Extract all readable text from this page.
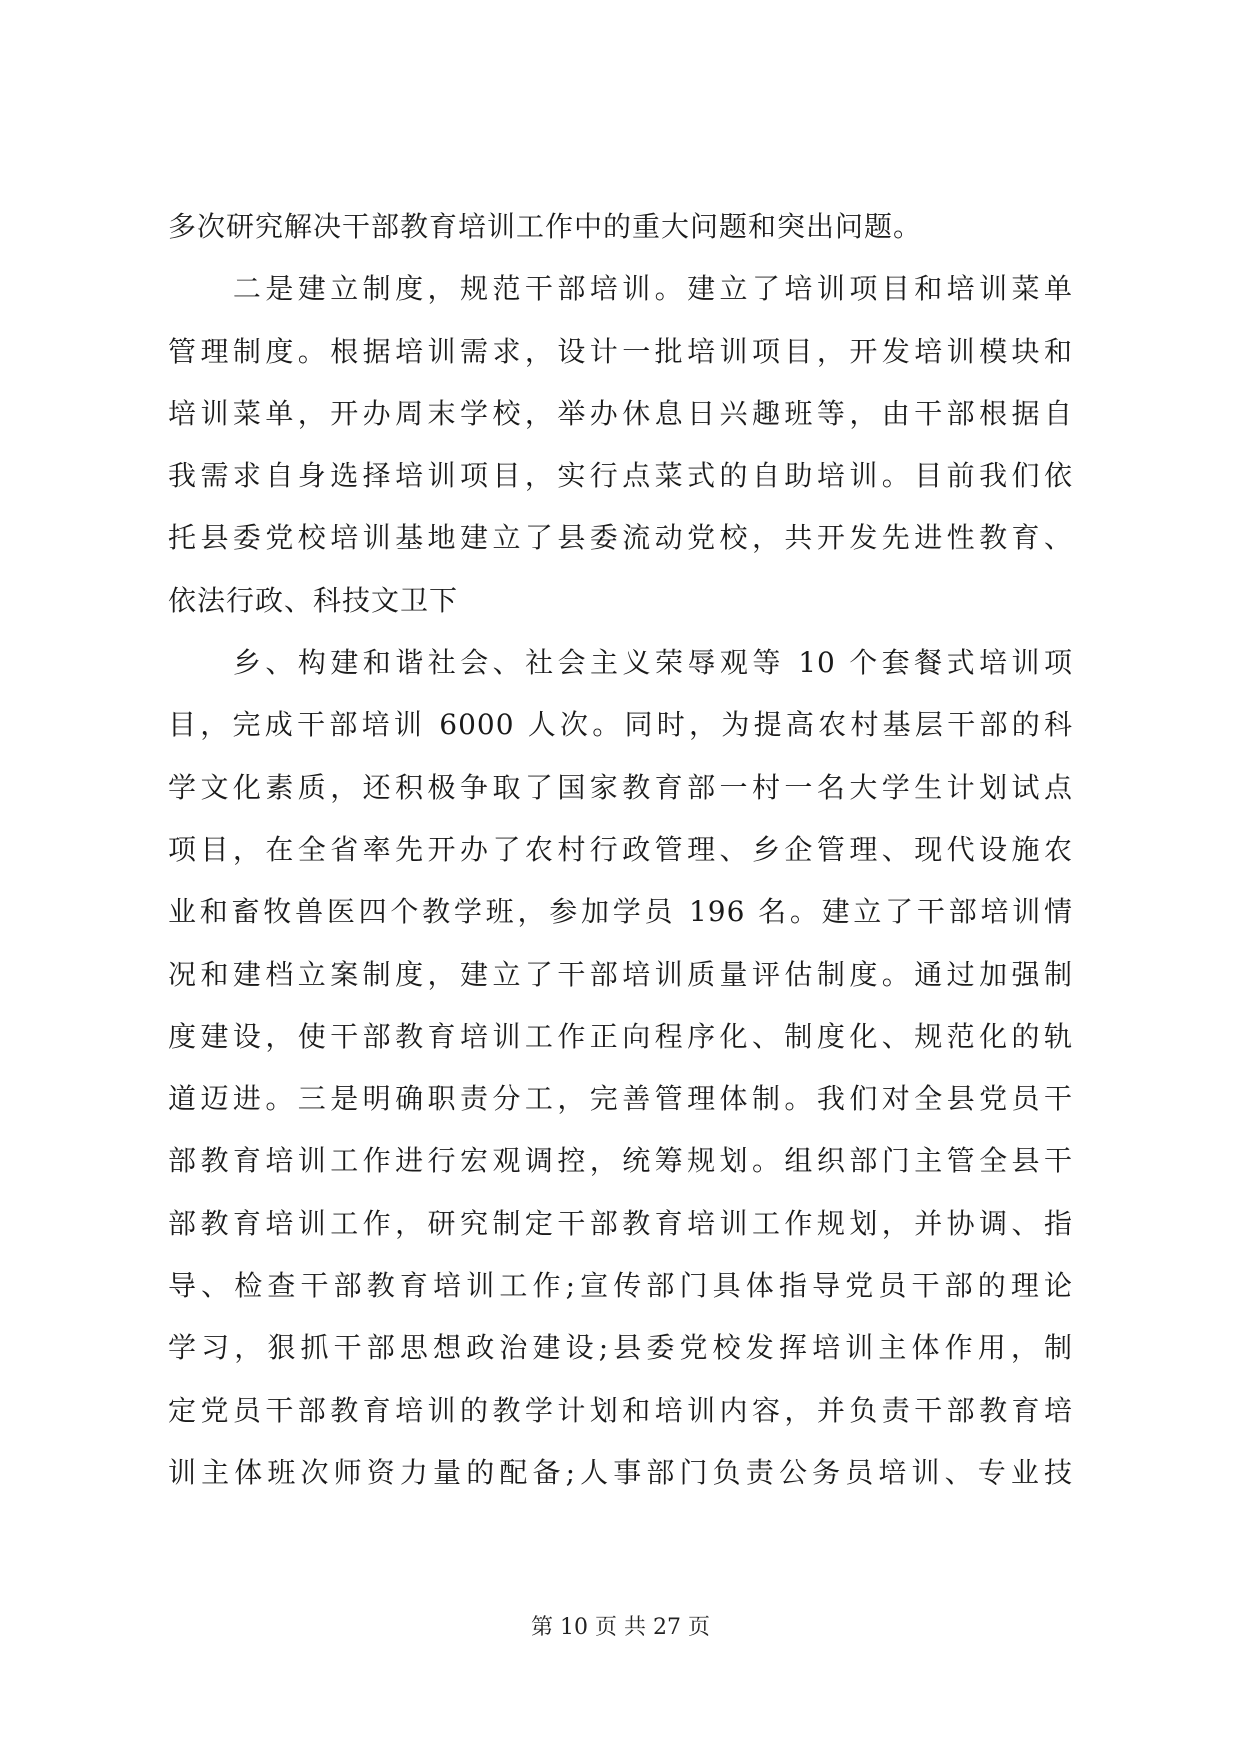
多次研究解决干部教育培训工作中的重大问题和突出问题。
　　二是建立制度，规范干部培训。建立了培训项目和培训菜单
管理制度。根据培训需求，设计一批培训项目，开发培训模块和
培训菜单，开办周末学校，举办休息日兴趣班等，由干部根据自
我需求自身选择培训项目，实行点菜式的自助培训。目前我们依
托县委党校培训基地建立了县委流动党校，共开发先进性教育、
依法行政、科技文卫下
　　乡、构建和谐社会、社会主义荣辱观等 10 个套餐式培训项
目，完成干部培训 6000 人次。同时，为提高农村基层干部的科
学文化素质，还积极争取了国家教育部一村一名大学生计划试点
项目，在全省率先开办了农村行政管理、乡企管理、现代设施农
业和畜牧兽医四个教学班，参加学员 196 名。建立了干部培训情
况和建档立案制度，建立了干部培训质量评估制度。通过加强制
度建设，使干部教育培训工作正向程序化、制度化、规范化的轨
道迈进。三是明确职责分工，完善管理体制。我们对全县党员干
部教育培训工作进行宏观调控，统筹规划。组织部门主管全县干
部教育培训工作，研究制定干部教育培训工作规划，并协调、指
导、检查干部教育培训工作;宣传部门具体指导党员干部的理论
学习，狠抓干部思想政治建设;县委党校发挥培训主体作用，制
定党员干部教育培训的教学计划和培训内容，并负责干部教育培
训主体班次师资力量的配备;人事部门负责公务员培训、专业技
第 10 页 共 27 页
